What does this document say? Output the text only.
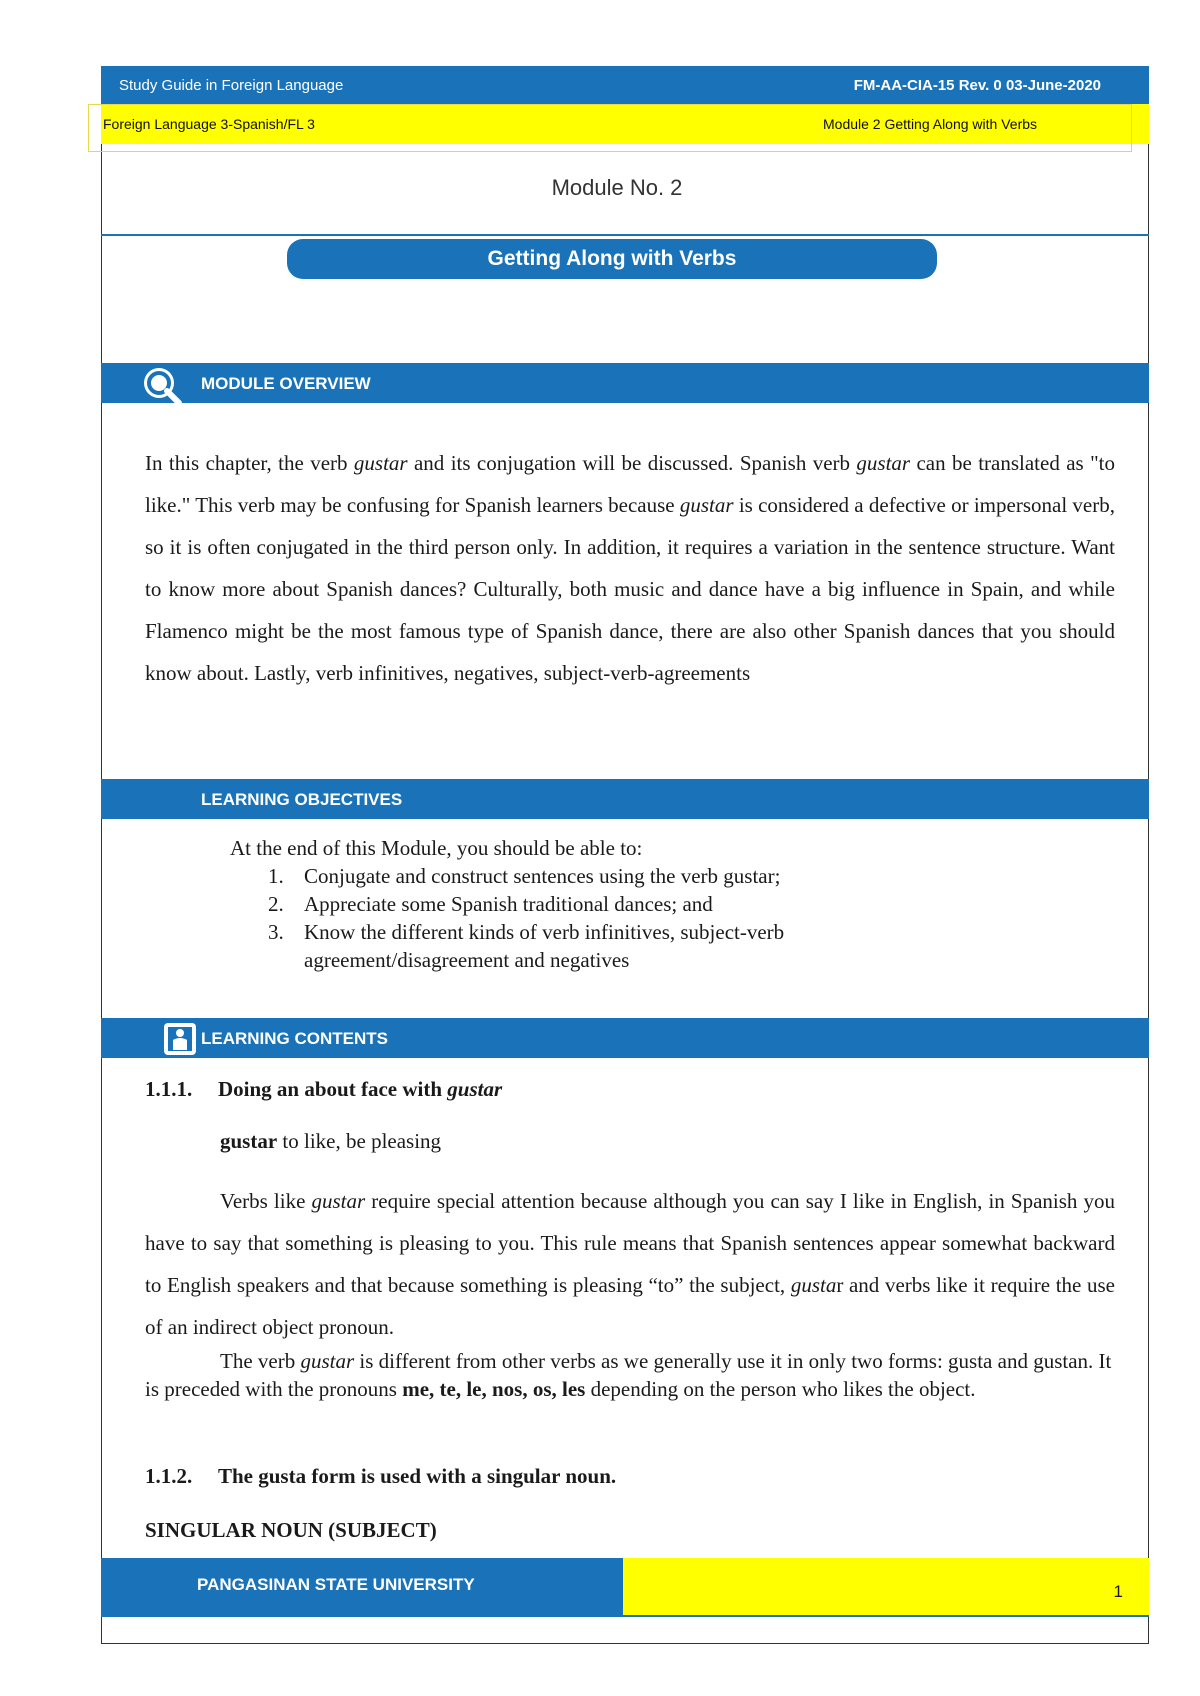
Study Guide in Foreign Language	FM-AA-CIA-15 Rev. 0 03-June-2020
Foreign Language 3-Spanish/FL 3	Module 2 Getting Along with Verbs
Module No. 2
Getting Along with Verbs
MODULE OVERVIEW

In this chapter, the verb gustar and its conjugation will be discussed. Spanish verb gustar can be translated as "to like." This verb may be confusing for Spanish learners because gustar is considered a defective or impersonal verb, so it is often conjugated in the third person only. In addition, it requires a variation in the sentence structure. Want to know more about Spanish dances? Culturally, both music and dance have a big influence in Spain, and while Flamenco might be the most famous type of Spanish dance, there are also other Spanish dances that you should know about. Lastly, verb infinitives, negatives, subject-verb-agreements

LEARNING OBJECTIVES

At the end of this Module, you should be able to:

1. Conjugate and construct sentences using the verb gustar;
2. Appreciate some Spanish traditional dances; and
3. Know the different kinds of verb infinitives, subject-verb agreement/disagreement and negatives
LEARNING CONTENTS

1.1.1. Doing an about face with gustar

gustar to like, be pleasing

Verbs like gustar require special attention because although you can say I like in English, in Spanish you have to say that something is pleasing to you. This rule means that Spanish sentences appear somewhat backward to English speakers and that because something is pleasing “to” the subject, gustar and verbs like it require the use of an indirect object pronoun.

The verb gustar is different from other verbs as we generally use it in only two forms: gusta and gustan. It is preceded with the pronouns me, te, le, nos, os, les depending on the person who likes the object.

1.1.2. The gusta form is used with a singular noun.

SINGULAR NOUN (SUBJECT)

PANGASINAN STATE UNIVERSITY	1
